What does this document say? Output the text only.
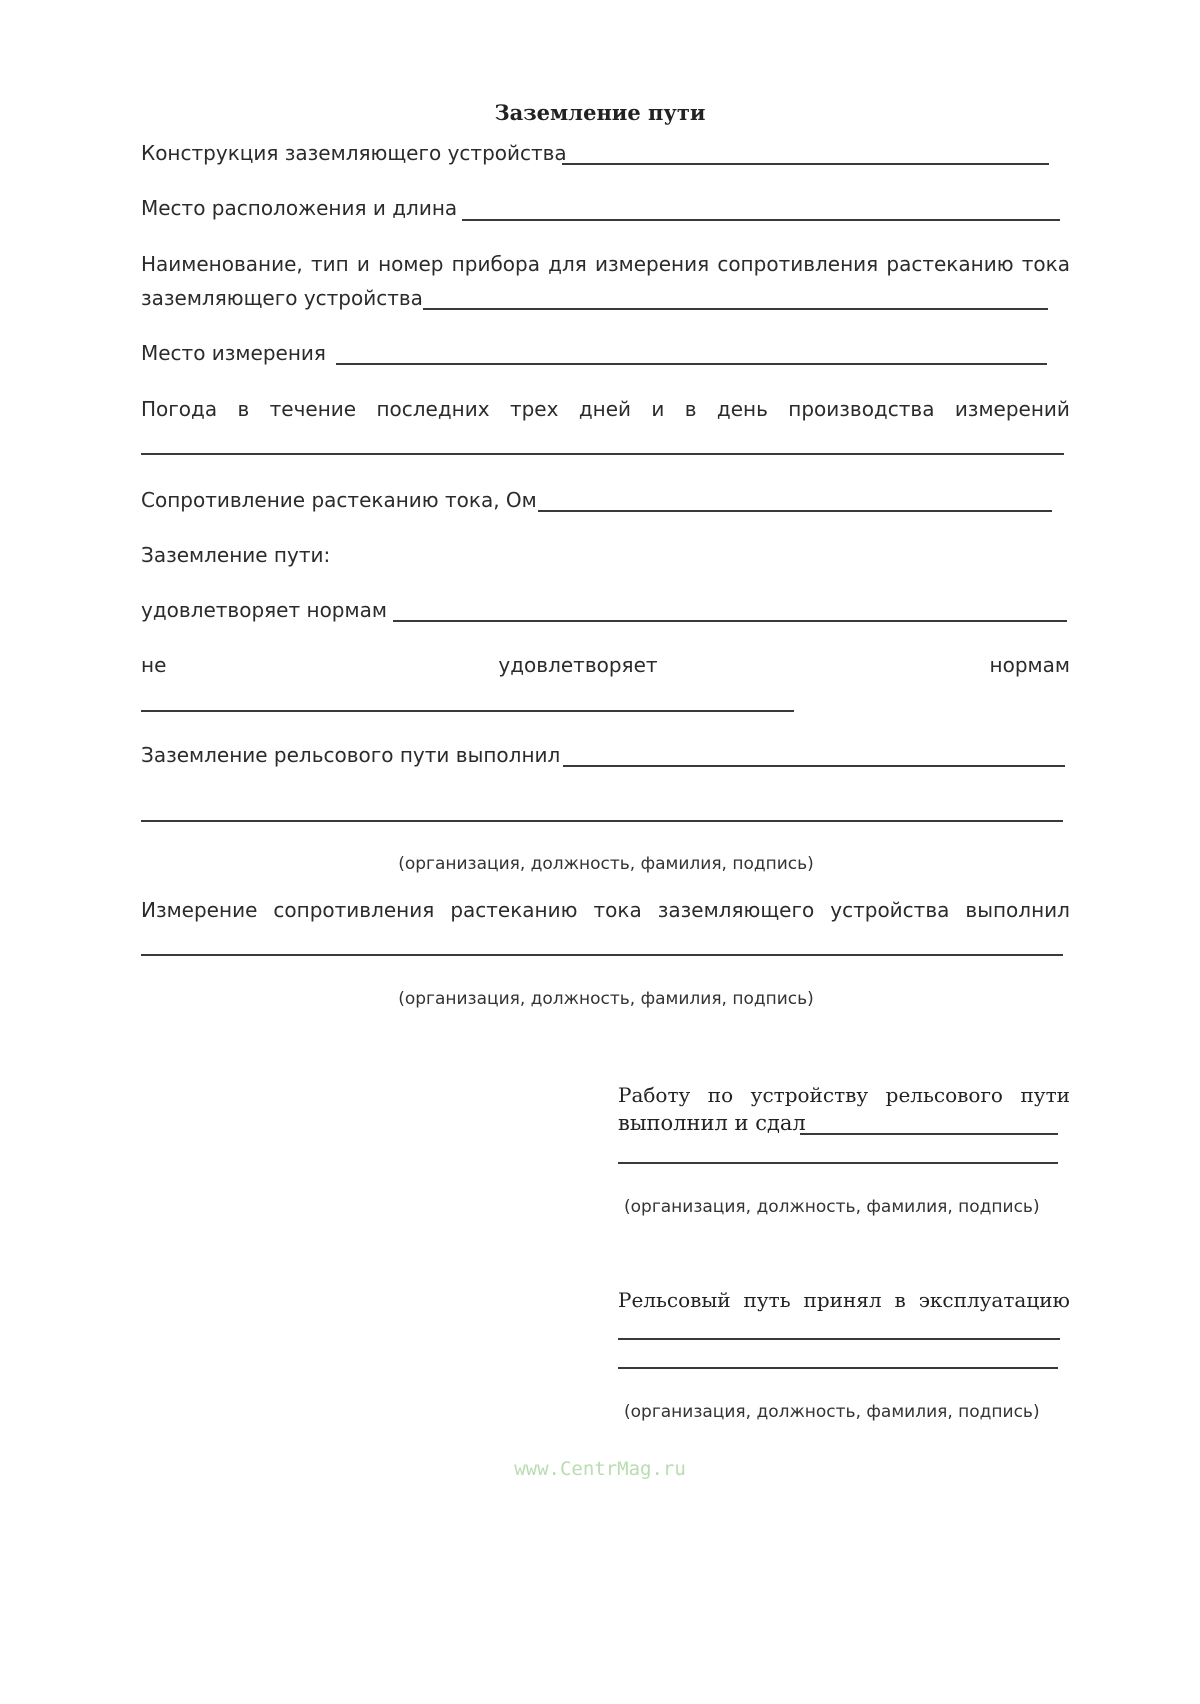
Заземление пути
Конструкция заземляющего устройства
Место расположения и длина
Наименование, тип и номер прибора для измерения сопротивления растеканию тока
заземляющего устройства
Место измерения
Погода в течение последних трех дней и в день производства измерений
Сопротивление растеканию тока, Ом
Заземление пути:
удовлетворяет нормам
не	удовлетворяет	нормам
Заземление рельсового пути выполнил
(организация, должность, фамилия, подпись)
Измерение сопротивления растеканию тока заземляющего устройства выполнил
(организация, должность, фамилия, подпись)
Работу по устройству рельсового пути
выполнил и сдал
(организация, должность, фамилия, подпись)
Рельсовый путь принял в эксплуатацию
(организация, должность, фамилия, подпись)
www.CentrMag.ru
